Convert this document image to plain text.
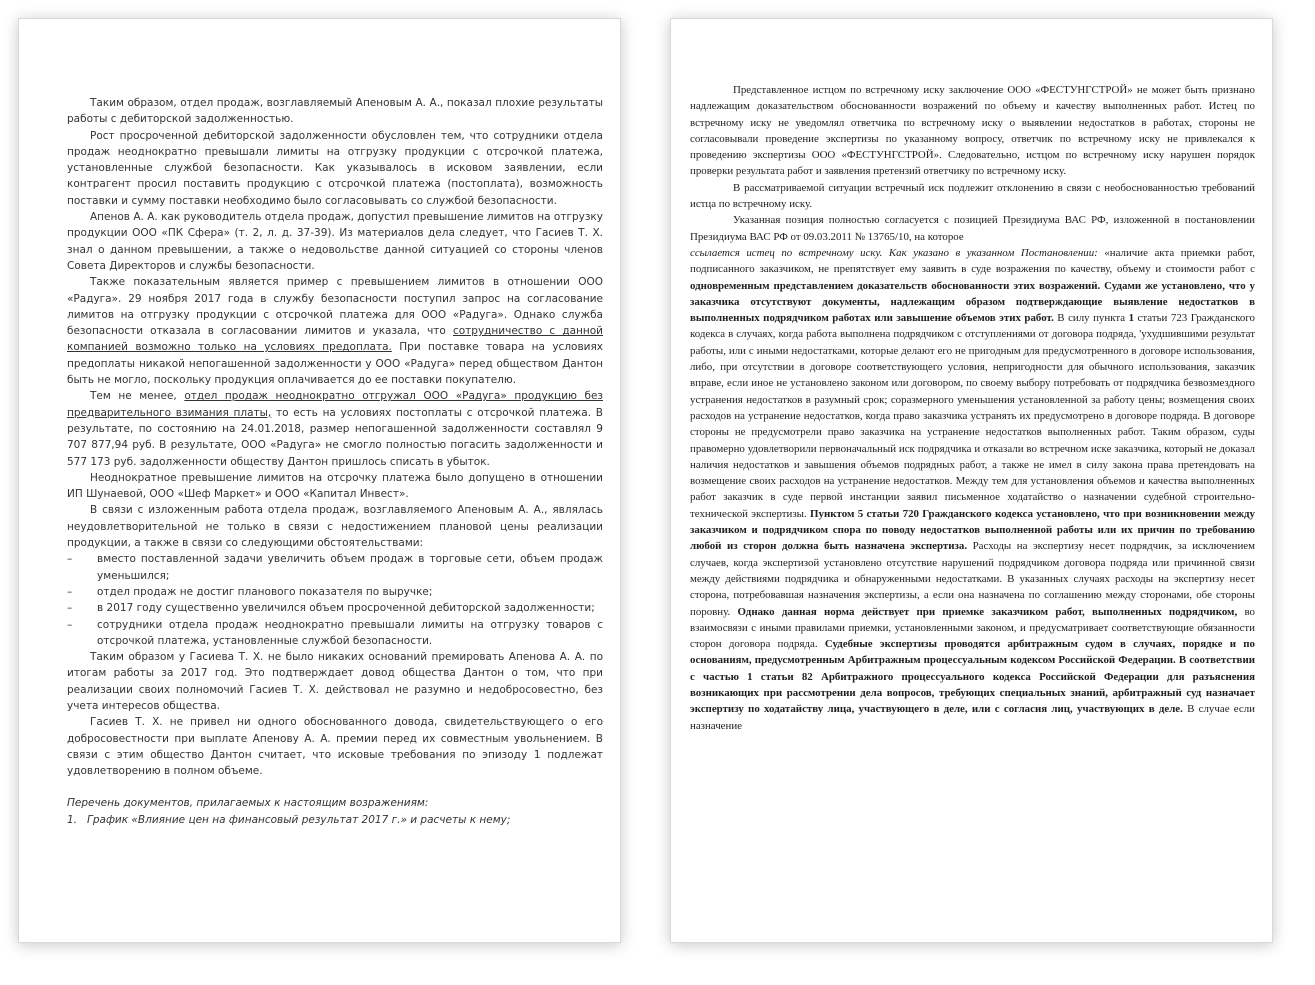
Таким образом, отдел продаж, возглавляемый Апеновым А. А., показал плохие результаты работы с дебиторской задолженностью.

Рост просроченной дебиторской задолженности обусловлен тем, что сотрудники отдела продаж неоднократно превышали лимиты на отгрузку продукции с отсрочкой платежа, установленные службой безопасности. Как указывалось в исковом заявлении, если контрагент просил поставить продукцию с отсрочкой платежа (постоплата), возможность поставки и сумму поставки необходимо было согласовывать со службой безопасности.

Апенов А. А. как руководитель отдела продаж, допустил превышение лимитов на отгрузку продукции ООО «ПК Сфера» (т. 2, л. д. 37-39). Из материалов дела следует, что Гасиев Т. Х. знал о данном превышении, а также о недовольстве данной ситуацией со стороны членов Совета Директоров и службы безопасности.

Также показательным является пример с превышением лимитов в отношении ООО «Радуга». 29 ноября 2017 года в службу безопасности поступил запрос на согласование лимитов на отгрузку продукции с отсрочкой платежа для ООО «Радуга». Однако служба безопасности отказала в согласовании лимитов и указала, что сотрудничество с данной компанией возможно только на условиях предоплата. При поставке товара на условиях предоплаты никакой непогашенной задолженности у ООО «Радуга» перед обществом Дантон быть не могло, поскольку продукция оплачивается до ее поставки покупателю.

Тем не менее, отдел продаж неоднократно отгружал ООО «Радуга» продукцию без предварительного взимания платы, то есть на условиях постоплаты с отсрочкой платежа. В результате, по состоянию на 24.01.2018, размер непогашенной задолженности составлял 9 707 877,94 руб. В результате, ООО «Радуга» не смогло полностью погасить задолженности и 577 173 руб. задолженности обществу Дантон пришлось списать в убыток.

Неоднократное превышение лимитов на отсрочку платежа было допущено в отношении ИП Шунаевой, ООО «Шеф Маркет» и ООО «Капитал Инвест».

В связи с изложенным работа отдела продаж, возглавляемого Апеновым А. А., являлась неудовлетворительной не только в связи с недостижением плановой цены реализации продукции, а также в связи со следующими обстоятельствами:

– вместо поставленной задачи увеличить объем продаж в торговые сети, объем продаж уменьшился;
– отдел продаж не достиг планового показателя по выручке;
– в 2017 году существенно увеличился объем просроченной дебиторской задолженности;
– сотрудники отдела продаж неоднократно превышали лимиты на отгрузку товаров с отсрочкой платежа, установленные службой безопасности.

Таким образом у Гасиева Т. Х. не было никаких оснований премировать Апенова А. А. по итогам работы за 2017 год. Это подтверждает довод общества Дантон о том, что при реализации своих полномочий Гасиев Т. Х. действовал не разумно и недобросовестно, без учета интересов общества.

Гасиев Т. Х. не привел ни одного обоснованного довода, свидетельствующего о его добросовестности при выплате Апенову А. А. премии перед их совместным увольнением. В связи с этим общество Дантон считает, что исковые требования по эпизоду 1 подлежат удовлетворению в полном объеме.

Перечень документов, прилагаемых к настоящим возражениям:

1. График «Влияние цен на финансовый результат 2017 г.» и расчеты к нему;

Представленное истцом по встречному иску заключение ООО «ФЕСТУНГСТРОЙ» не может быть признано надлежащим доказательством обоснованности возражений по объему и качеству выполненных работ. Истец по встречному иску не уведомлял ответчика по встречному иску о выявлении недостатков в работах, стороны не согласовывали проведение экспертизы по указанному вопросу, ответчик по встречному иску не привлекался к проведению экспертизы ООО «ФЕСТУНГСТРОЙ». Следовательно, истцом по встречному иску нарушен порядок проверки результата работ и заявления претензий ответчику по встречному иску.

В рассматриваемой ситуации встречный иск подлежит отклонению в связи с необоснованностью требований истца по встречному иску.

Указанная позиция полностью согласуется с позицией Президиума ВАС РФ, изложенной в постановлении Президиума ВАС РФ от 09.03.2011 № 13765/10, на которое

ссылается истец по встречному иску. Как указано в указанном Постановлении: «наличие акта приемки работ, подписанного заказчиком, не препятствует ему заявить в суде возражения по качеству, объему и стоимости работ с одновременным представлением доказательств обоснованности этих возражений. Судами же установлено, что у заказчика отсутствуют документы, надлежащим образом подтверждающие выявление недостатков в выполненных подрядчиком работах или завышение объемов этих работ. В силу пункта 1 статьи 723 Гражданского кодекса в случаях, когда работа выполнена подрядчиком с отступлениями от договора подряда, 'ухудшившими результат работы, или с иными недостатками, которые делают его не пригодным для предусмотренного в договоре использования, либо, при отсутствии в договоре соответствующего условия, непригодности для обычного использования, заказчик вправе, если иное не установлено законом или договором, по своему выбору потребовать от подрядчика безвозмездного устранения недостатков в разумный срок; соразмерного уменьшения установленной за работу цены; возмещения своих расходов на устранение недостатков, когда право заказчика устранять их предусмотрено в договоре подряда. В договоре стороны не предусмотрели право заказчика на устранение недостатков выполненных работ. Таким образом, суды правомерно удовлетворили первоначальный иск подрядчика и отказали во встречном иске заказчика, который не доказал наличия недостатков и завышения объемов подрядных работ, а также не имел в силу закона права претендовать на возмещение своих расходов на устранение недостатков. Между тем для установления объемов и качества выполненных работ заказчик в суде первой инстанции заявил письменное ходатайство о назначении судебной строительно-технической экспертизы. Пунктом 5 статьи 720 Гражданского кодекса установлено, что при возникновении между заказчиком и подрядчиком спора по поводу недостатков выполненной работы или их причин по требованию любой из сторон должна быть назначена экспертиза. Расходы на экспертизу несет подрядчик, за исключением случаев, когда экспертизой установлено отсутствие нарушений подрядчиком договора подряда или причинной связи между действиями подрядчика и обнаруженными недостатками. В указанных случаях расходы на экспертизу несет сторона, потребовавшая назначения экспертизы, а если она назначена по соглашению между сторонами, обе стороны поровну. Однако данная норма действует при приемке заказчиком работ, выполненных подрядчиком, во взаимосвязи с иными правилами приемки, установленными законом, и предусматривает соответствующие обязанности сторон договора подряда. Судебные экспертизы проводятся арбитражным судом в случаях, порядке и по основаниям, предусмотренным Арбитражным процессуальным кодексом Российской Федерации. В соответствии с частью 1 статьи 82 Арбитражного процессуального кодекса Российской Федерации для разъяснения возникающих при рассмотрении дела вопросов, требующих специальных знаний, арбитражный суд назначает экспертизу по ходатайству лица, участвующего в деле, или с согласия лиц, участвующих в деле. В случае если назначение
